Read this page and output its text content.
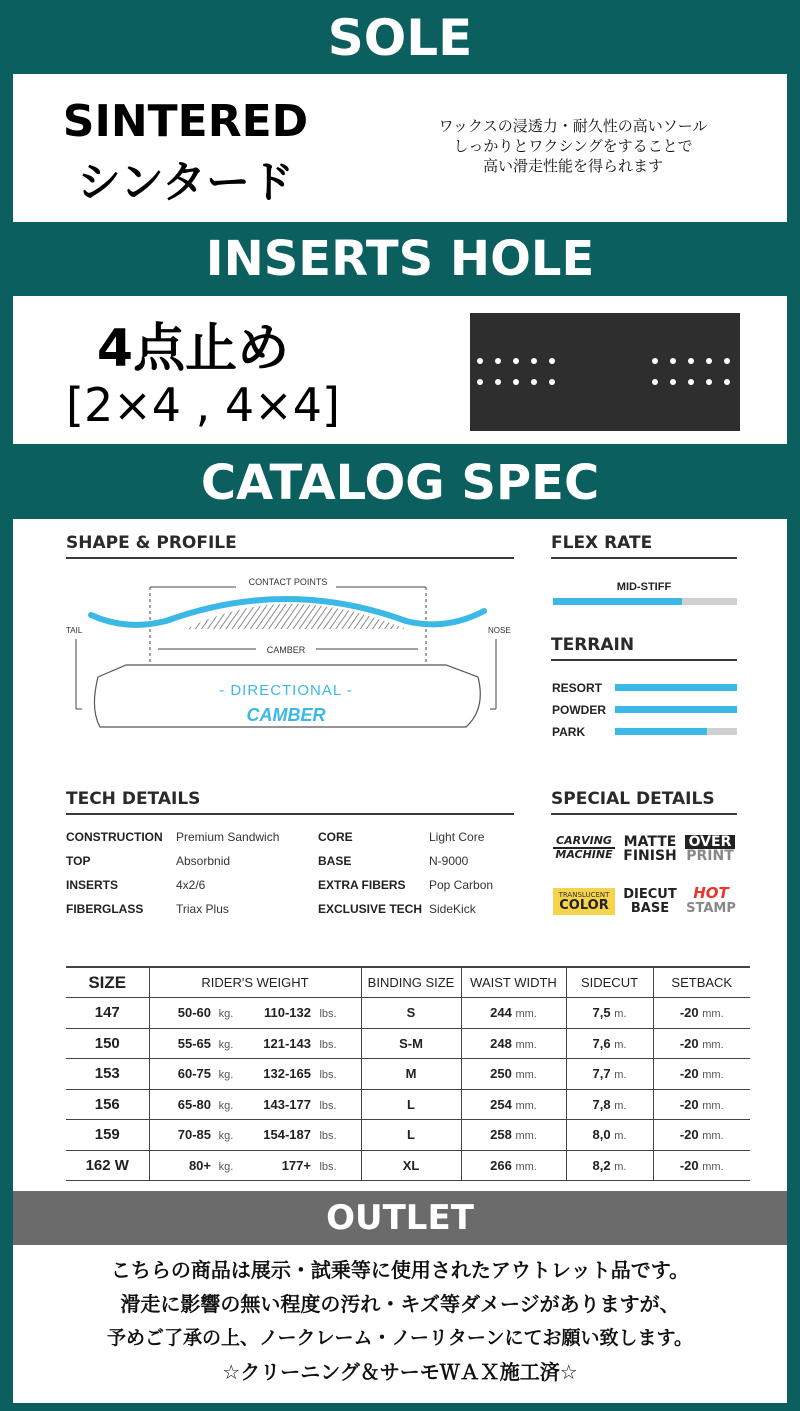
SOLE
SINTERED
シンタード
ワックスの浸透力・耐久性の高いソール
しっかりとワクシングをすることで
高い滑走性能を得られます
INSERTS HOLE
4点止め
[2×4 , 4×4]
CATALOG SPEC
SHAPE & PROFILE
CONTACT POINTS
CAMBER
TAIL	NOSE
- DIRECTIONAL -
CAMBER
FLEX RATE
MID-STIFF
TERRAIN
RESORT
POWDER
PARK
TECH DETAILS
CONSTRUCTION Premium Sandwich
TOP	Absorbnid
INSERTS	4x2/6
FIBERGLASS	Triax Plus
CORE	Light Core
BASE	N-9000
EXTRA FIBERS Pop Carbon
EXCLUSIVE TECH SideKick
SPECIAL DETAILS
CARVING
MACHINE
MATTE
FINISH
OVER
PRINT
TRANSLUCENT
COLOR
DIECUT
BASE
HOT
STAMP
SIZE	RIDER'S WEIGHT	BINDING SIZE	WAIST WIDTH	SIDECUT	SETBACK
147	50-60 kg. 110-132 lbs.	S	244 mm.	7,5 m.	-20 mm.
150	55-65 kg. 121-143 lbs.	S-M	248 mm.	7,6 m.	-20 mm.
153	60-75 kg. 132-165 lbs.	M	250 mm.	7,7 m.	-20 mm.
156	65-80 kg. 143-177 lbs.	L	254 mm.	7,8 m.	-20 mm.
159	70-85 kg. 154-187 lbs.	L	258 mm.	8,0 m.	-20 mm.
162 W	80+ kg. 177+ lbs.	XL	266 mm.	8,2 m.	-20 mm.
OUTLET
こちらの商品は展示・試乗等に使用されたアウトレット品です。
滑走に影響の無い程度の汚れ・キズ等ダメージがありますが、
予めご了承の上、ノークレーム・ノーリターンにてお願い致します。
☆クリーニング＆サーモＷＡＸ施工済☆
